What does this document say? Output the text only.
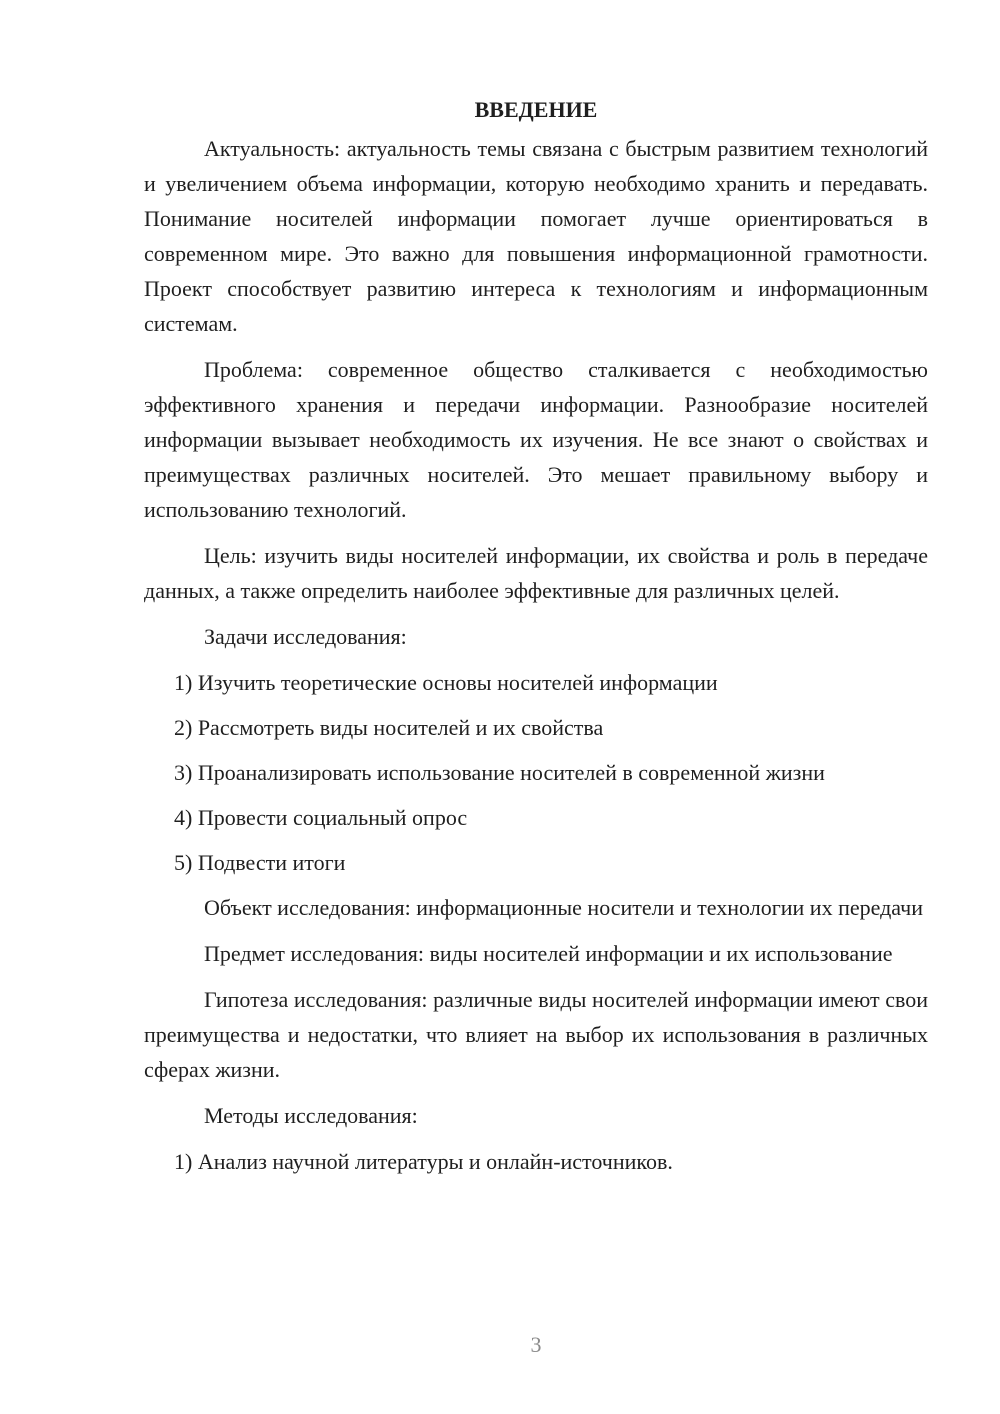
ВВЕДЕНИЕ

Актуальность: актуальность темы связана с быстрым развитием технологий и увеличением объема информации, которую необходимо хранить и передавать. Понимание носителей информации помогает лучше ориентироваться в современном мире. Это важно для повышения информационной грамотности. Проект способствует развитию интереса к технологиям и информационным системам.

Проблема: современное общество сталкивается с необходимостью эффективного хранения и передачи информации. Разнообразие носителей информации вызывает необходимость их изучения. Не все знают о свойствах и преимуществах различных носителей. Это мешает правильному выбору и использованию технологий.

Цель: изучить виды носителей информации, их свойства и роль в передаче данных, а также определить наиболее эффективные для различных целей.

Задачи исследования:

1) Изучить теоретические основы носителей информации
2) Рассмотреть виды носителей и их свойства
3) Проанализировать использование носителей в современной жизни
4) Провести социальный опрос
5) Подвести итоги

Объект исследования: информационные носители и технологии их передачи

Предмет исследования: виды носителей информации и их использование

Гипотеза исследования: различные виды носителей информации имеют свои преимущества и недостатки, что влияет на выбор их использования в различных сферах жизни.

Методы исследования:

1) Анализ научной литературы и онлайн-источников.
3
